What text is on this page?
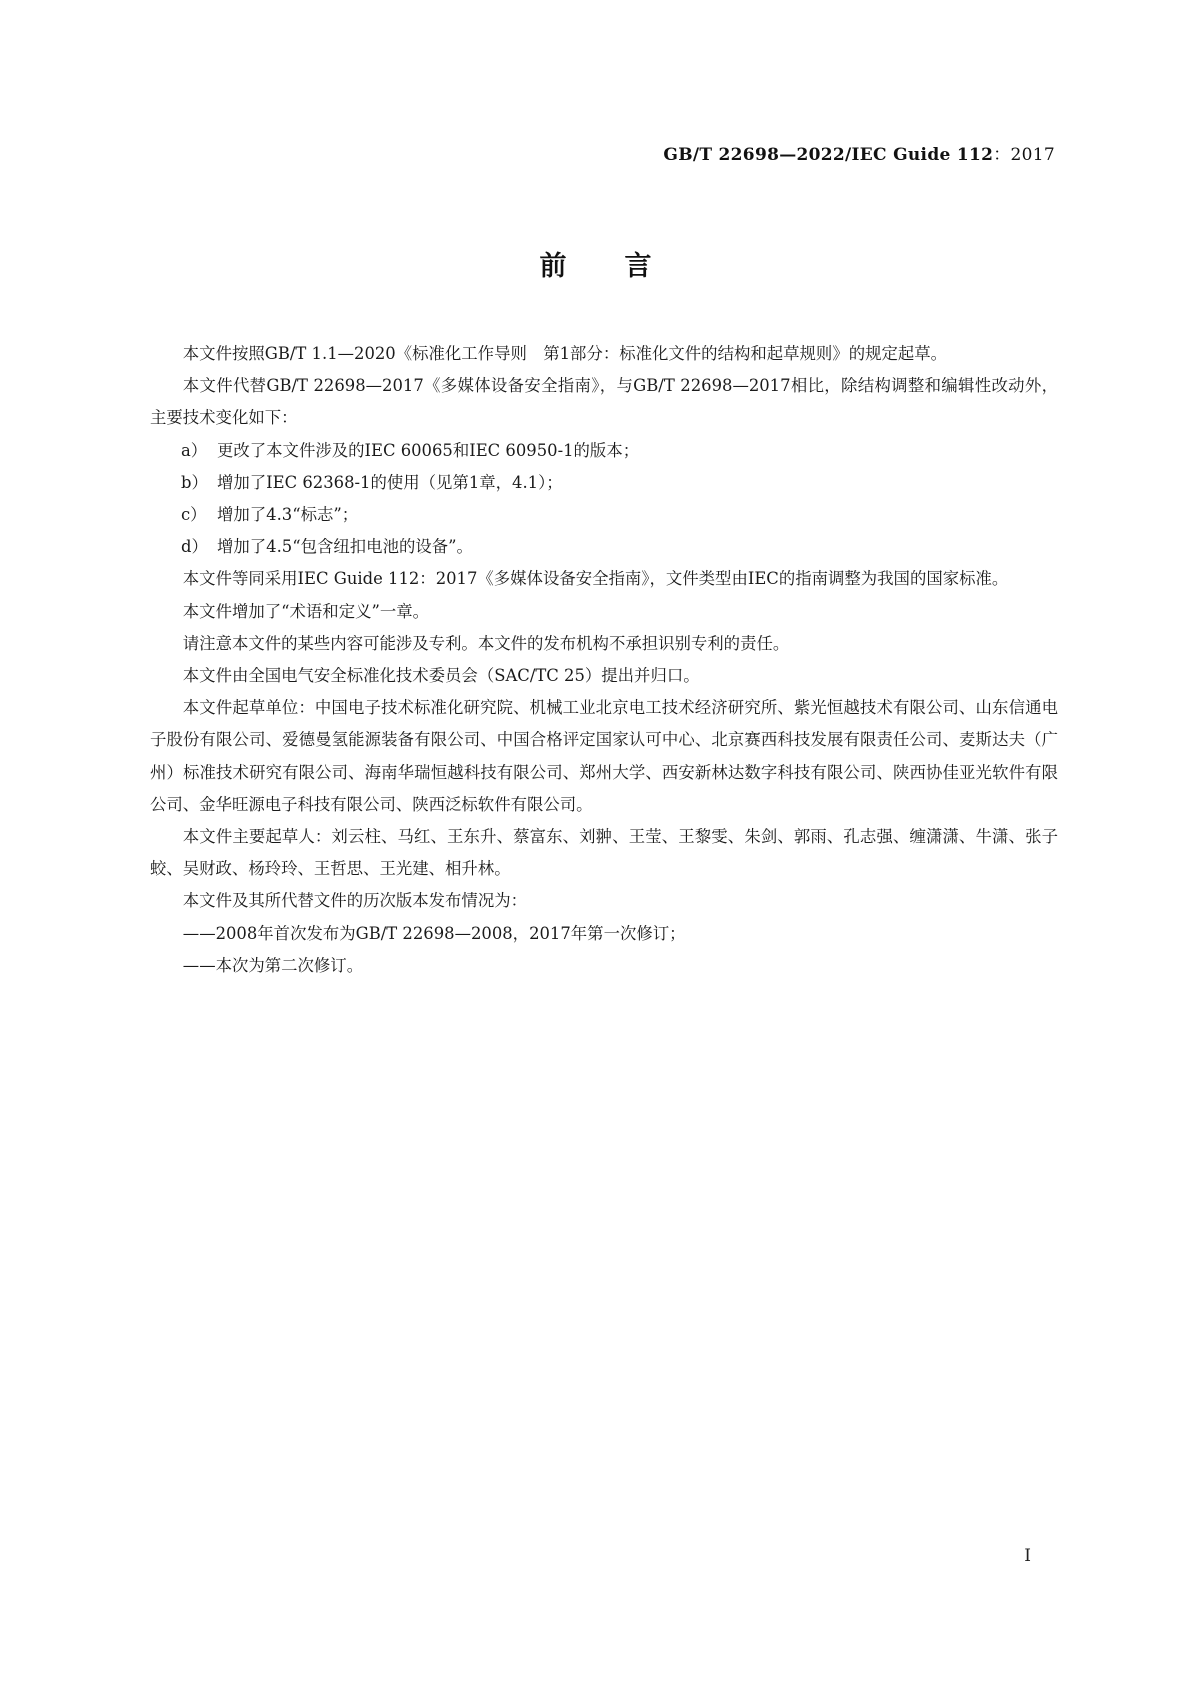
GB/T 22698—2022/IEC Guide 112：2017
前言

本文件按照GB/T 1.1—2020《标准化工作导则　第1部分：标准化文件的结构和起草规则》的规定起草。

本文件代替GB/T 22698—2017《多媒体设备安全指南》，与GB/T 22698—2017相比，除结构调整和编辑性改动外，主要技术变化如下：

a） 更改了本文件涉及的IEC 60065和IEC 60950-1的版本；

b） 增加了IEC 62368-1的使用（见第1章，4.1）；

c） 增加了4.3“标志”；

d） 增加了4.5“包含纽扣电池的设备”。

本文件等同采用IEC Guide 112：2017《多媒体设备安全指南》，文件类型由IEC的指南调整为我国的国家标准。

本文件增加了“术语和定义”一章。

请注意本文件的某些内容可能涉及专利。本文件的发布机构不承担识别专利的责任。

本文件由全国电气安全标准化技术委员会（SAC/TC 25）提出并归口。

本文件起草单位：中国电子技术标准化研究院、机械工业北京电工技术经济研究所、紫光恒越技术有限公司、山东信通电子股份有限公司、爱德曼氢能源装备有限公司、中国合格评定国家认可中心、北京赛西科技发展有限责任公司、麦斯达夫（广州）标准技术研究有限公司、海南华瑞恒越科技有限公司、郑州大学、西安新林达数字科技有限公司、陕西协佳亚光软件有限公司、金华旺源电子科技有限公司、陕西泛标软件有限公司。

本文件主要起草人：刘云柱、马红、王东升、蔡富东、刘翀、王莹、王黎雯、朱剑、郭雨、孔志强、缠潇潇、牛潇、张子蛟、吴财政、杨玲玲、王哲思、王光建、相升林。

本文件及其所代替文件的历次版本发布情况为：

——2008年首次发布为GB/T 22698—2008，2017年第一次修订；

——本次为第二次修订。

I
